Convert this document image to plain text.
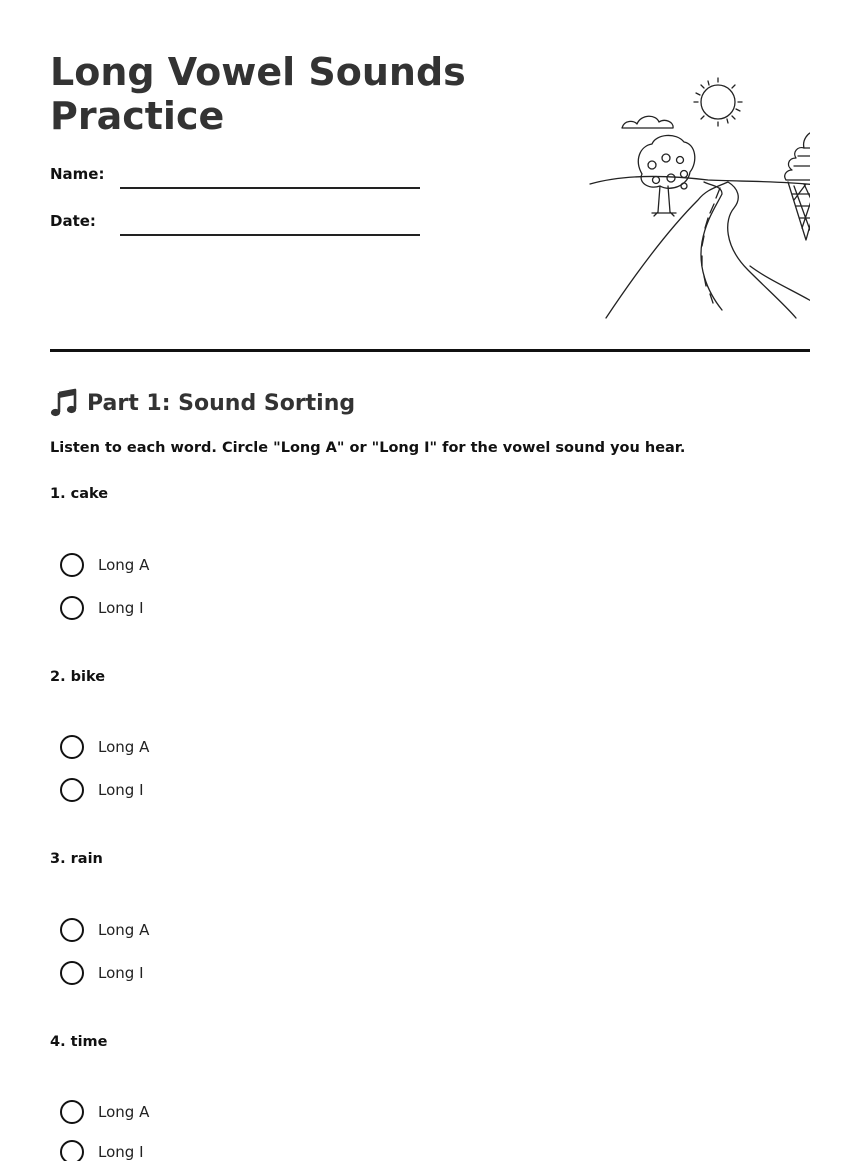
Long Vowel Sounds Practice
Name:
Date:
Part 1: Sound Sorting
Listen to each word. Circle "Long A" or "Long I" for the vowel sound you hear.
1. cake
Long A
Long I
2. bike
Long A
Long I
3. rain
Long A
Long I
4. time
Long A
Long I
